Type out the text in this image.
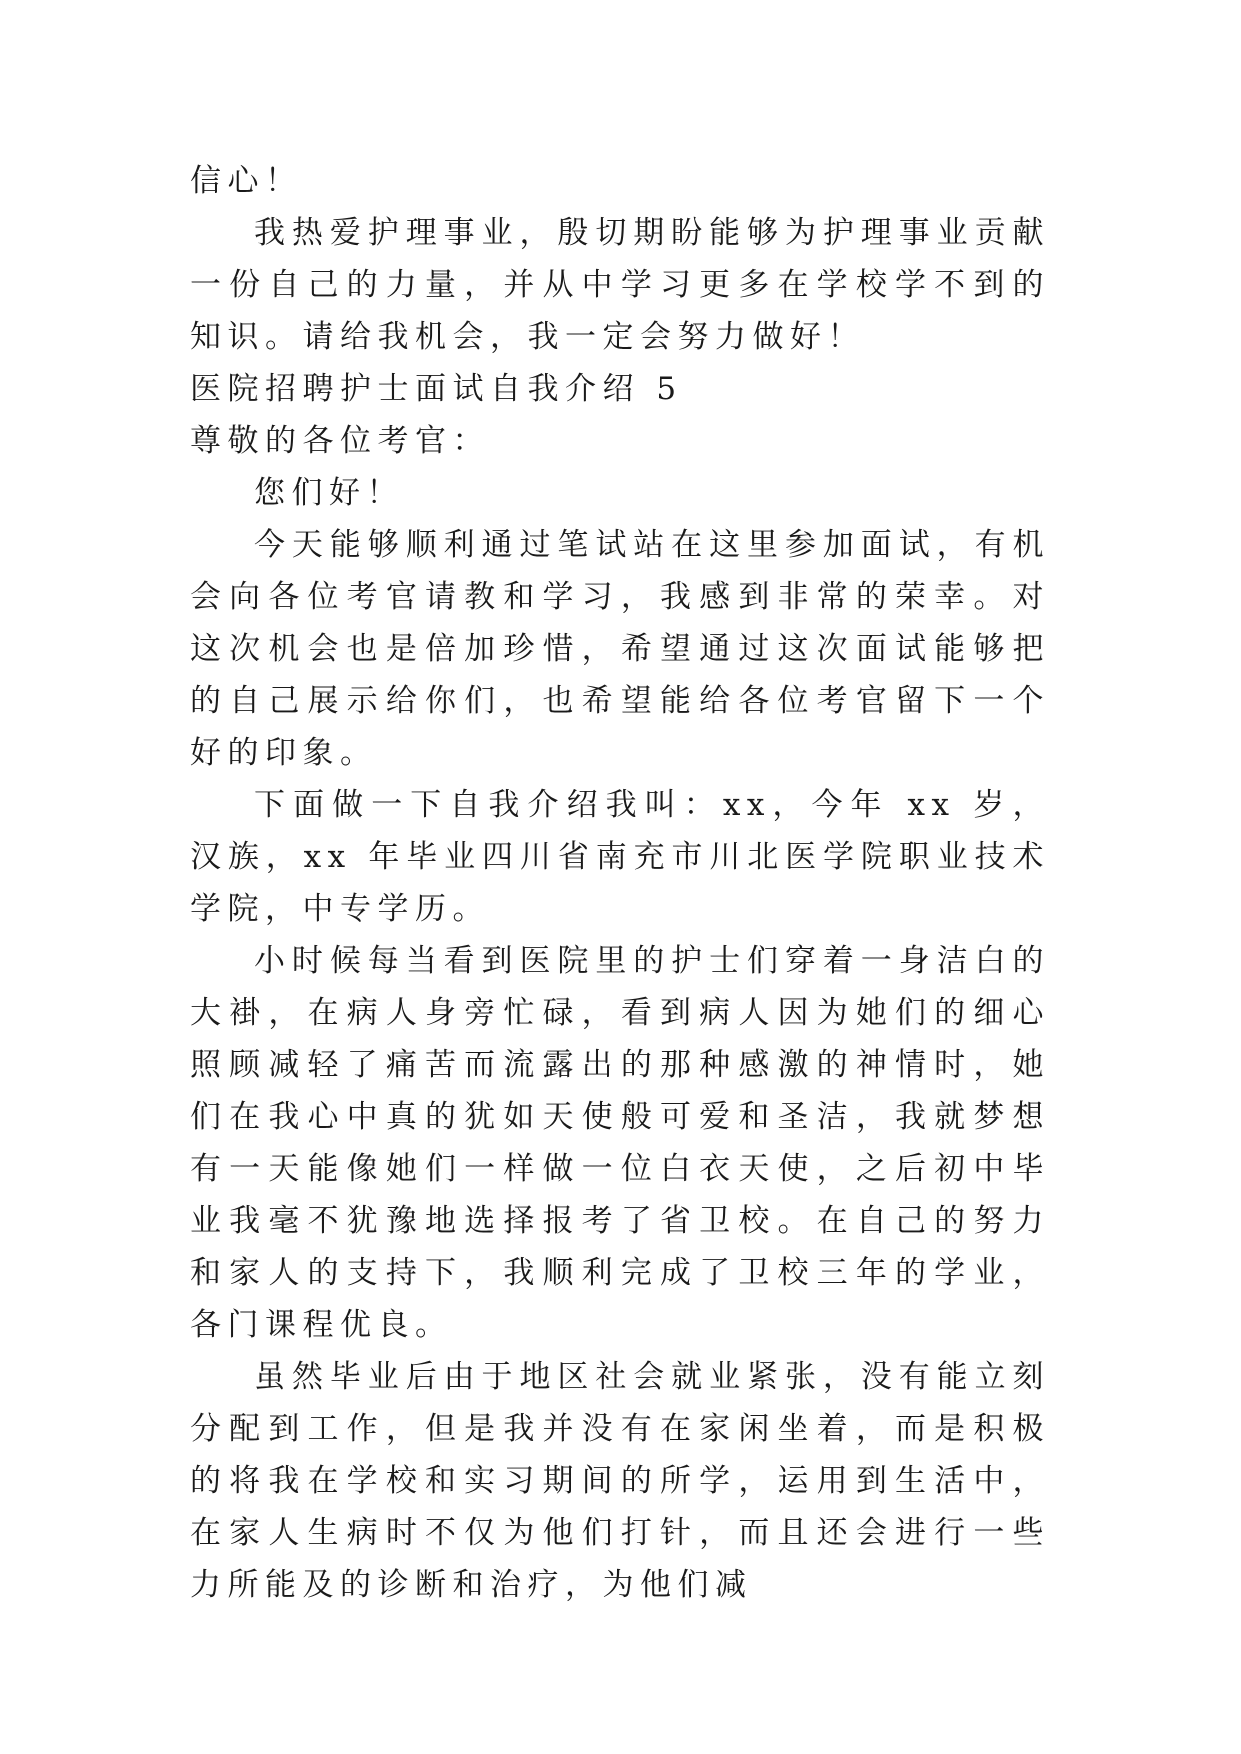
信心！

我热爱护理事业，殷切期盼能够为护理事业贡献一份自己的力量，并从中学习更多在学校学不到的知识。请给我机会，我一定会努力做好！

医院招聘护士面试自我介绍 5

尊敬的各位考官：

您们好！

今天能够顺利通过笔试站在这里参加面试，有机会向各位考官请教和学习，我感到非常的荣幸。对这次机会也是倍加珍惜，希望通过这次面试能够把的自己展示给你们，也希望能给各位考官留下一个好的印象。

下面做一下自我介绍我叫：xx，今年 xx 岁，汉族，xx 年毕业四川省南充市川北医学院职业技术学院，中专学历。

小时候每当看到医院里的护士们穿着一身洁白的大褂，在病人身旁忙碌，看到病人因为她们的细心照顾减轻了痛苦而流露出的那种感激的神情时，她们在我心中真的犹如天使般可爱和圣洁，我就梦想有一天能像她们一样做一位白衣天使，之后初中毕业我毫不犹豫地选择报考了省卫校。在自己的努力和家人的支持下，我顺利完成了卫校三年的学业，各门课程优良。

虽然毕业后由于地区社会就业紧张，没有能立刻分配到工作，但是我并没有在家闲坐着，而是积极的将我在学校和实习期间的所学，运用到生活中，在家人生病时不仅为他们打针，而且还会进行一些力所能及的诊断和治疗，为他们减
